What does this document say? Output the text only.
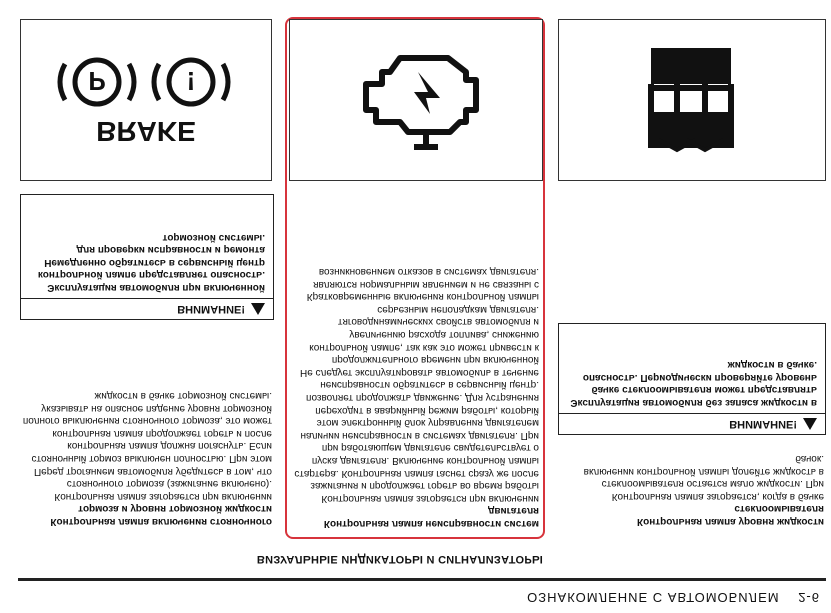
ОЗНАКОМЛЕНИЕ С АВТОМОБИЛЕМ 2-6
ВИЗУАЛЬНЫЕ ИНДИКАТОРЫ И СИГНАЛИЗАТОРЫ

Контрольная лампа уровня жидкости стеклоомывателя

Контрольная лампа загорается, когда в бачке стеклоомывателя остается мало жидкости. При включении контрольной лампы долейте жидкость в бачок.

ВНИМАНИЕ!
Эксплуатация автомобиля без запаса жидкости в бачке стеклоомывателя может представлять опасность. Периодически проверяйте уровень жидкости в бачке.

Контрольная лампа неисправности систем двигателя

Контрольная лампа загорается при включении зажигания и продолжает гореть во время работы стартера. Контрольная лампа гаснет сразу же после пуска двигателя. Включение контрольной лампы при работающем двигателе свидетельствует о наличии неисправности в системах двигателя. При этом электронный блок управления двигателем переходит в аварийный режим работы, который позволяет продолжать движение. Для устранения неисправности обратитесь в сервисный центр.

Не следует эксплуатировать автомобиль в течение продолжительного времени при включенной контрольной лампе, так как это может привести к увеличению расхода топлива, снижению тяговодинамических свойств автомобиля и серьезным неполадкам двигателя.

Кратковременные включения контрольной лампы являются нормальным явлением и не связаны с возникновением отказов в системах двигателя.

Контрольная лампа включения стояночного тормоза и уровня тормозной жидкости

Контрольная лампа загорается при включении стояночного тормоза (зажигание включено).

Перед троганием автомобиля убедитесь в том, что стояночный тормоз выключен полностью. При этом контрольная лампа должна погаснуть. Если контрольная лампа продолжает гореть и после полного выключения стояночного тормоза, это может указывать на опасное падение уровня тормозной жидкости в бачке тормозной системы.

ВНИМАНИЕ!
Эксплуатация автомобиля при включенной контрольной лампе представляет опасность. Немедленно обратитесь в сервисный центр для проверки исправности и ремонта тормозной системы.
BRAKE
P	!
